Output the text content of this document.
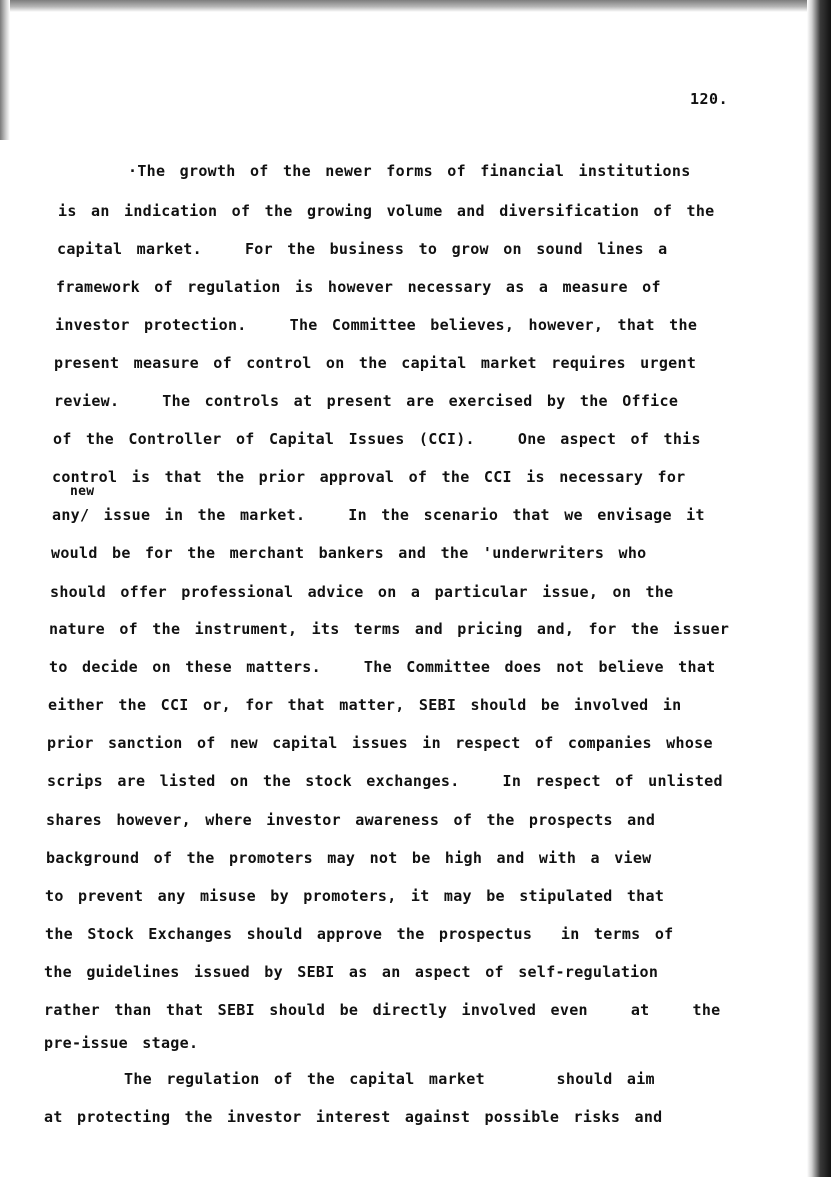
120.
·The growth of the newer forms of financial institutions
is an indication of the growing volume and diversification of the
capital market.   For the business to grow on sound lines a
framework of regulation is however necessary as a measure of
investor protection.   The Committee believes, however, that the
present measure of control on the capital market requires urgent
review.   The controls at present are exercised by the Office
of the Controller of Capital Issues (CCI).   One aspect of this
control is that the prior approval of the CCI is necessary for
new
any/ issue in the market.   In the scenario that we envisage it
would be for the merchant bankers and the 'underwriters who
should offer professional advice on a particular issue, on the
nature of the instrument, its terms and pricing and, for the issuer
to decide on these matters.   The Committee does not believe that
either the CCI or, for that matter, SEBI should be involved in
prior sanction of new capital issues in respect of companies whose
scrips are listed on the stock exchanges.   In respect of unlisted
shares however, where investor awareness of the prospects and
background of the promoters may not be high and with a view
to prevent any misuse by promoters, it may be stipulated that
the Stock Exchanges should approve the prospectus  in terms of
the guidelines issued by SEBI as an aspect of self-regulation
rather than that SEBI should be directly involved even   at   the
pre-issue stage.
The regulation of the capital market     should aim
at protecting the investor interest against possible risks and
